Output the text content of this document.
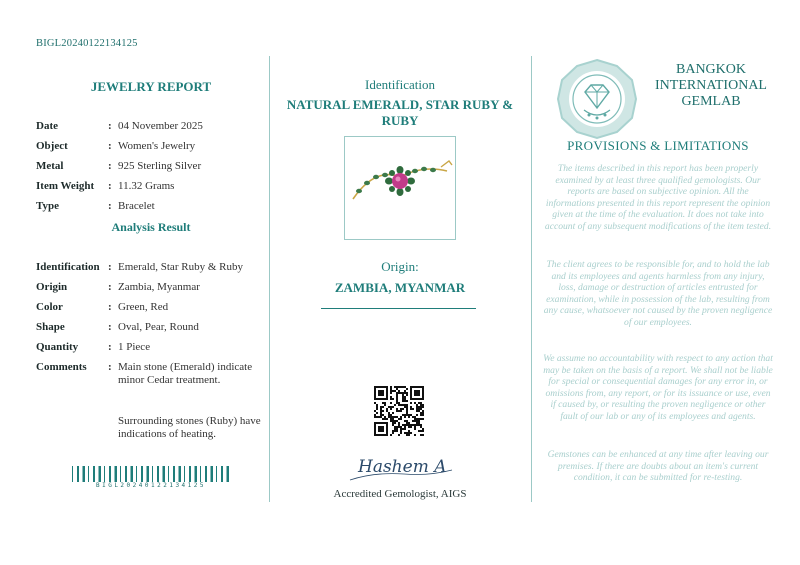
BIGL20240122134125
JEWELRY REPORT
Date	: 04 November 2025
Object	: Women's Jewelry
Metal	: 925 Sterling Silver
Item Weight : 11.32 Grams
Type	: Bracelet
Analysis Result
Identification : Emerald, Star Ruby & Ruby
Origin	: Zambia, Myanmar
Color	: Green, Red
Shape	: Oval, Pear, Round
Quantity	: 1 Piece
Comments : Main stone (Emerald) indicate minor Cedar treatment.
Surrounding stones (Ruby) have indications of heating.
BIGL20240122134125
Identification
NATURAL EMERALD, STAR RUBY & RUBY
Origin:
ZAMBIA, MYANMAR
Hashem A
Accredited Gemologist, AIGS
BANGKOK
INTERNATIONAL
GEMLAB
PROVISIONS & LIMITATIONS
The items described in this report has been properly examined by at least three qualified gemologists. Our reports are based on subjective opinion. All the informations presented in this report represent the opinion given at the time of the evaluation. It does not take into account of any subsequent modifications of the item tested.
The client agrees to be responsible for, and to hold the lab and its employees and agents harmless from any injury, loss, damage or destruction of articles entrusted for examination, while in possession of the lab, resulting from any cause, whatsoever not caused by the proven negligence of our employees.
We assume no accountability with respect to any action that may be taken on the basis of a report. We shall not be liable for special or consequential damages for any error in, or omissions from, any report, or for its issuance or use, even if caused by, or resulting the proven negligence or other fault of our lab or any of its employees and agents.
Gemstones can be enhanced at any time after leaving our premises. If there are doubts about an item's current condition, it can be submitted for re-testing.
